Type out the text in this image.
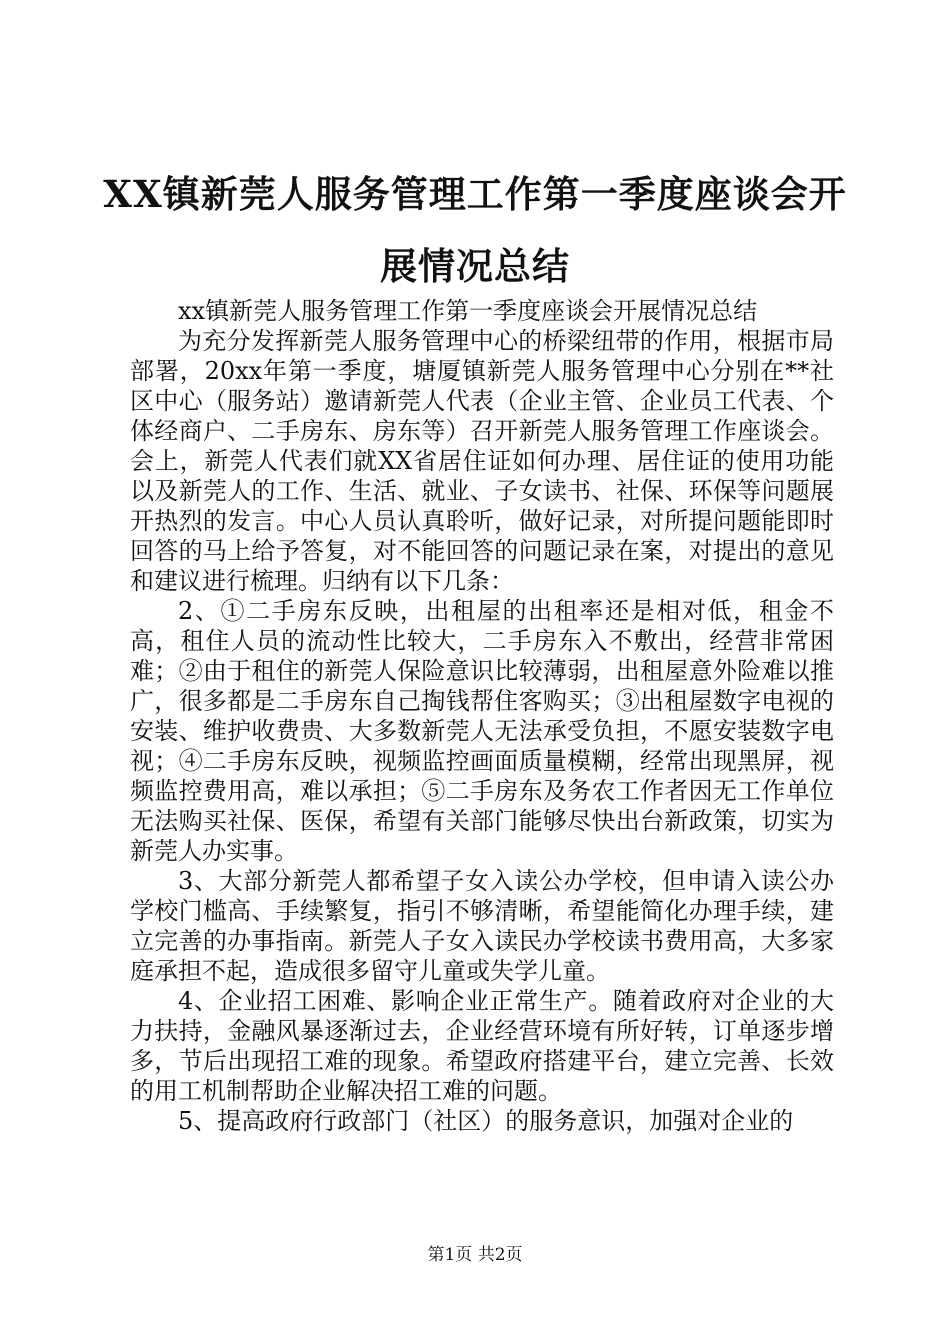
XX镇新莞人服务管理工作第一季度座谈会开
展情况总结

xx镇新莞人服务管理工作第一季度座谈会开展情况总结

为充分发挥新莞人服务管理中心的桥梁纽带的作用，根据市局部署，20xx年第一季度，塘厦镇新莞人服务管理中心分别在**社区中心（服务站）邀请新莞人代表（企业主管、企业员工代表、个体经商户、二手房东、房东等）召开新莞人服务管理工作座谈会。会上，新莞人代表们就XX省居住证如何办理、居住证的使用功能以及新莞人的工作、生活、就业、子女读书、社保、环保等问题展开热烈的发言。中心人员认真聆听，做好记录，对所提问题能即时回答的马上给予答复，对不能回答的问题记录在案，对提出的意见和建议进行梳理。归纳有以下几条：

2、①二手房东反映，出租屋的出租率还是相对低，租金不高，租住人员的流动性比较大，二手房东入不敷出，经营非常困难；②由于租住的新莞人保险意识比较薄弱，出租屋意外险难以推广，很多都是二手房东自己掏钱帮住客购买；③出租屋数字电视的安装、维护收费贵、大多数新莞人无法承受负担，不愿安装数字电视；④二手房东反映，视频监控画面质量模糊，经常出现黑屏，视频监控费用高，难以承担；⑤二手房东及务农工作者因无工作单位无法购买社保、医保，希望有关部门能够尽快出台新政策，切实为新莞人办实事。

3、大部分新莞人都希望子女入读公办学校，但申请入读公办学校门槛高、手续繁复，指引不够清晰，希望能简化办理手续，建立完善的办事指南。新莞人子女入读民办学校读书费用高，大多家庭承担不起，造成很多留守儿童或失学儿童。

4、企业招工困难、影响企业正常生产。随着政府对企业的大力扶持，金融风暴逐渐过去，企业经营环境有所好转，订单逐步增多，节后出现招工难的现象。希望政府搭建平台，建立完善、长效的用工机制帮助企业解决招工难的问题。

5、提高政府行政部门（社区）的服务意识，加强对企业的

第1页 共2页
